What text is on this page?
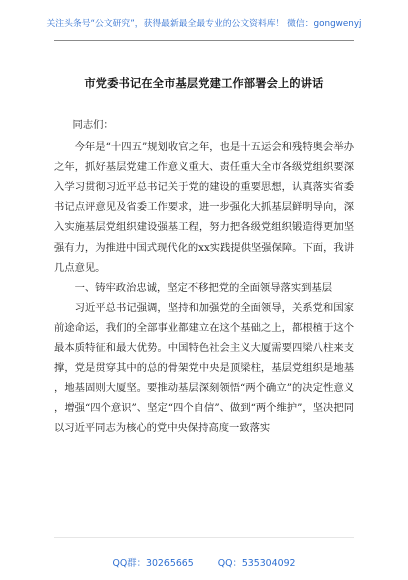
关注头条号“公文研究”，获得最新最全最专业的公文资料库！ 微信：gongwenyj
市党委书记在全市基层党建工作部署会上的讲话

同志们：

今年是“十四五”规划收官之年，也是十五运会和残特奥会举办之年，抓好基层党建工作意义重大、责任重大全市各级党组织要深入学习贯彻习近平总书记关于党的建设的重要思想，认真落实省委书记点评意见及省委工作要求，进一步强化大抓基层鲜明导向，深入实施基层党组织建设强基工程，努力把各级党组织锻造得更加坚强有力，为推进中国式现代化的xx实践提供坚强保障。下面，我讲几点意见。

一、铸牢政治忠诚，坚定不移把党的全面领导落实到基层

习近平总书记强调，坚持和加强党的全面领导，关系党和国家前途命运，我们的全部事业都建立在这个基础之上，都根植于这个最本质特征和最大优势。中国特色社会主义大厦需要四梁八柱来支撑，党是贯穿其中的总的骨架党中央是顶梁柱，基层党组织是地基，地基固则大厦坚。要推动基层深刻领悟“两个确立”的决定性意义，增强“四个意识”、坚定“四个自信”、做到“两个维护”，坚决把同以习近平同志为核心的党中央保持高度一致落实

QQ群：30265665	QQ：535304092
